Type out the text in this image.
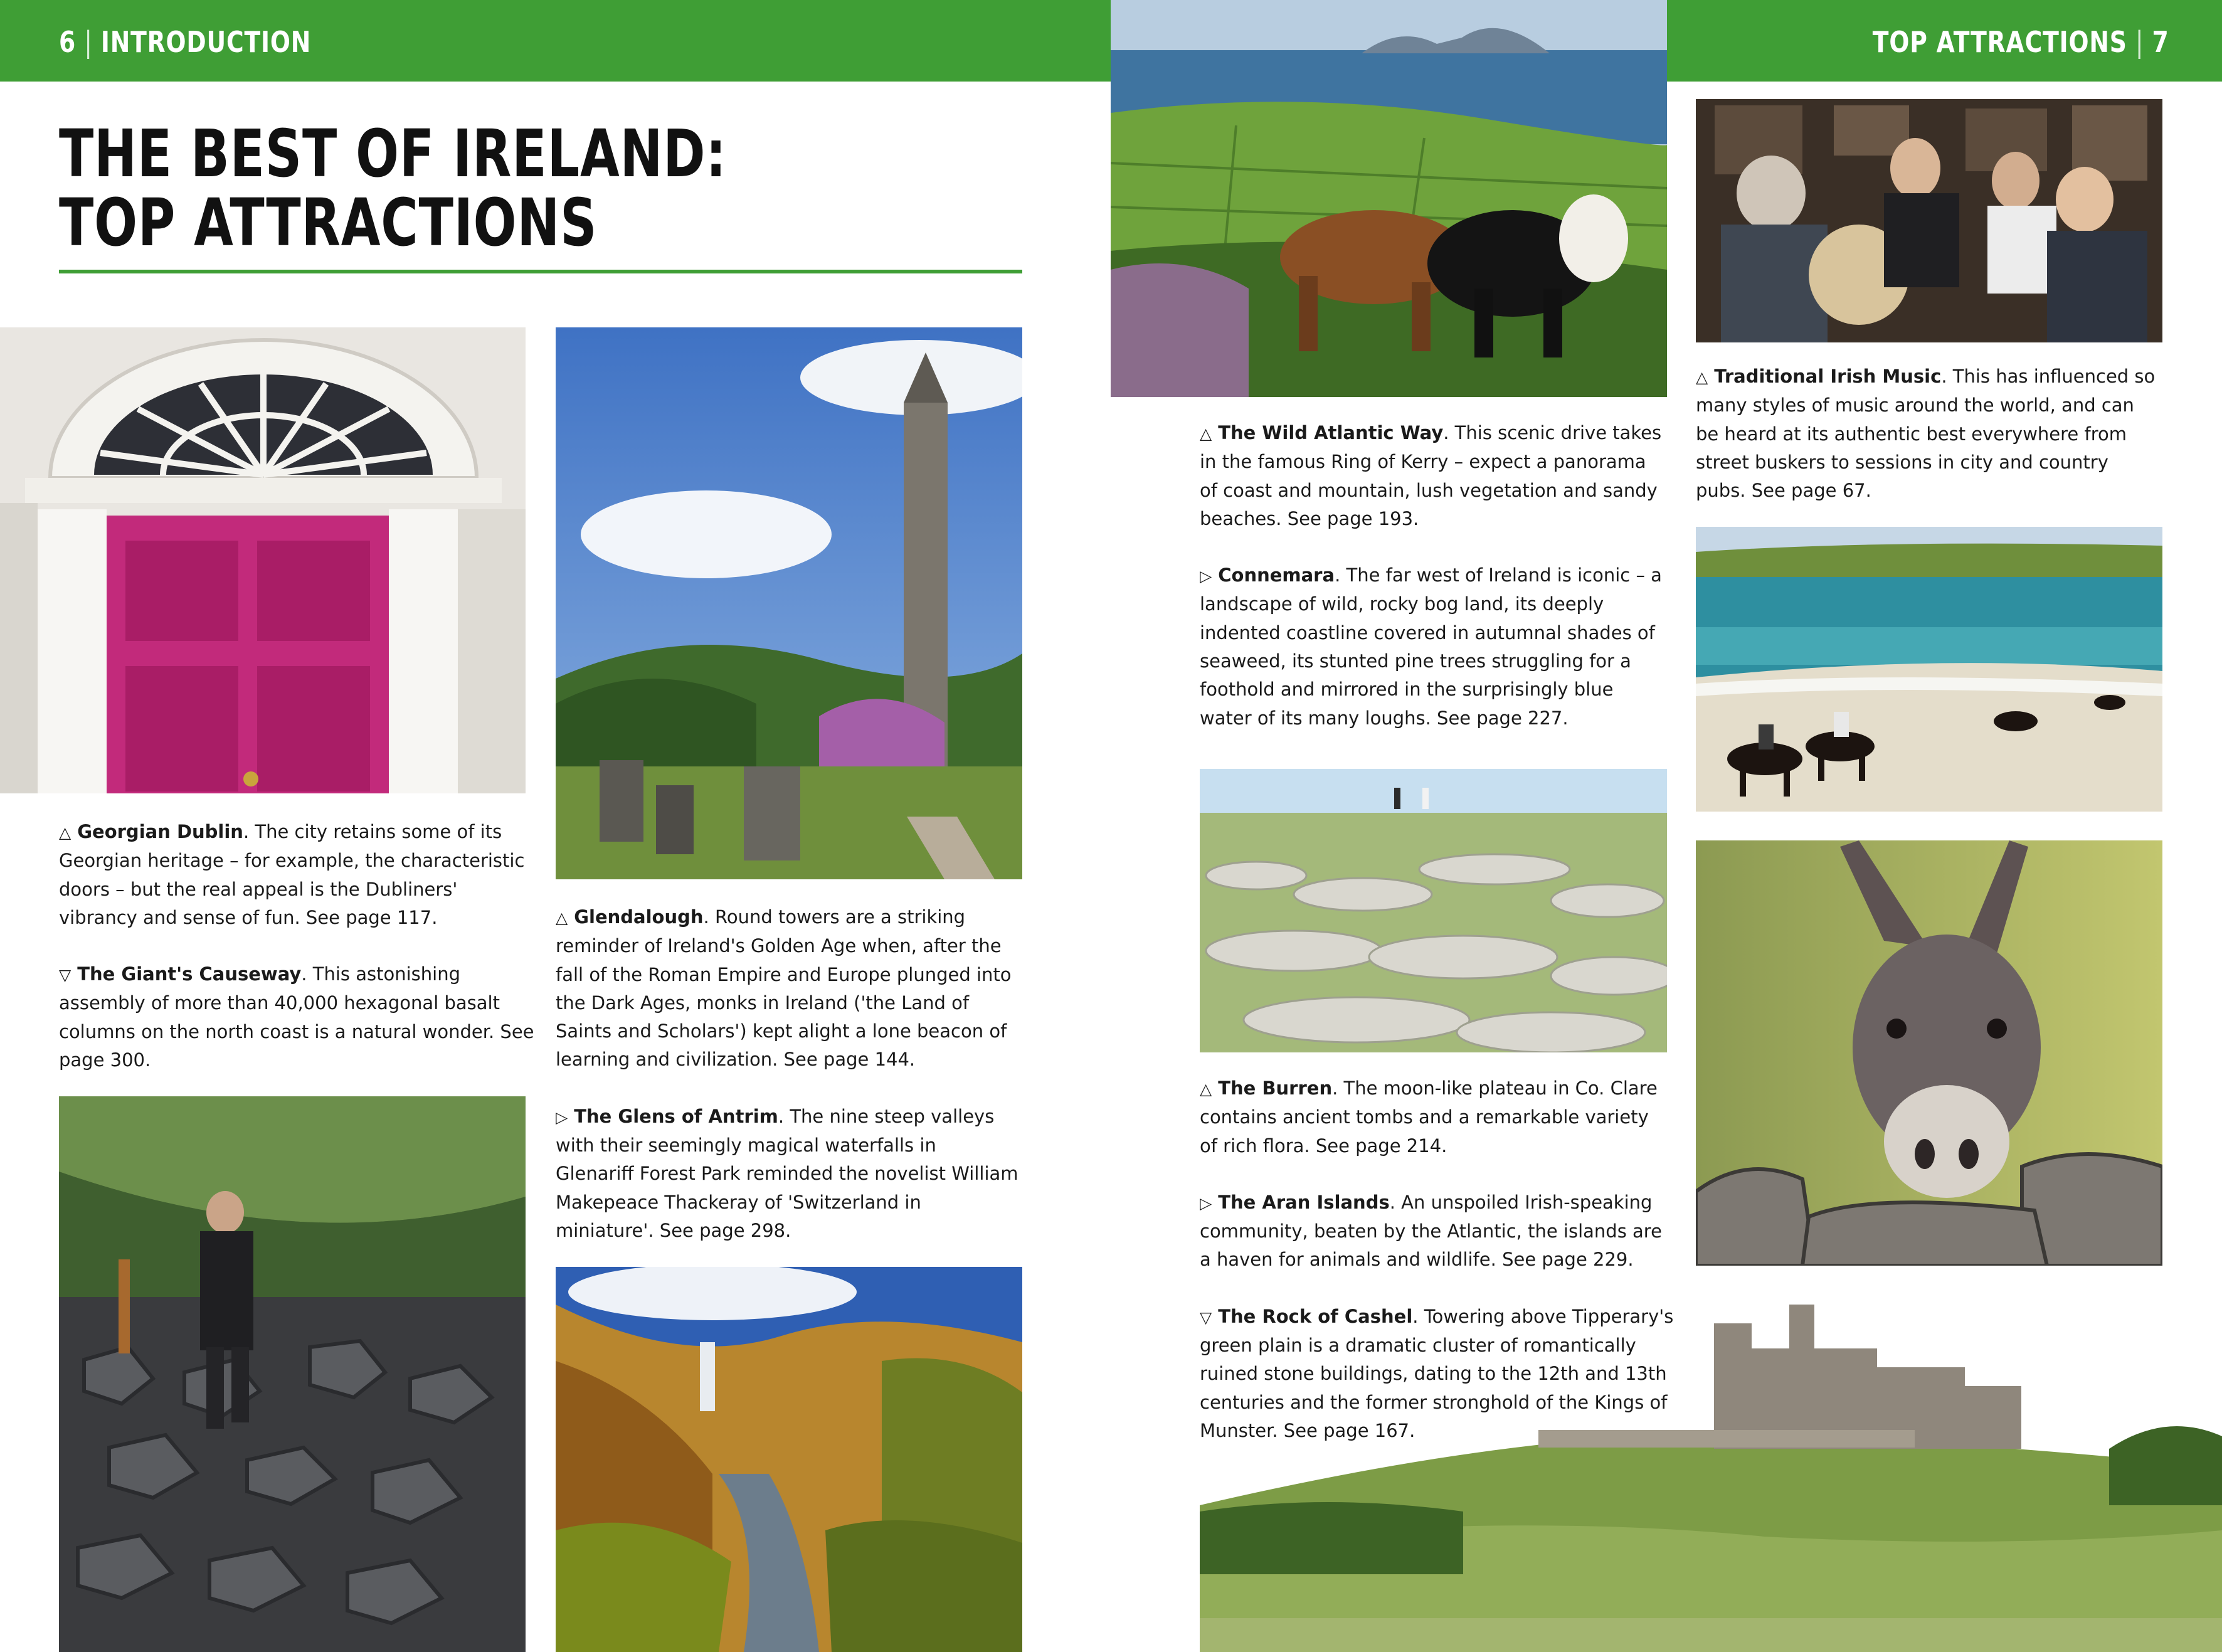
6 | INTRODUCTION	TOP ATTRACTIONS | 7
THE BEST OF IRELAND:
TOP ATTRACTIONS

△ Georgian Dublin. The city retains some of its Georgian heritage – for example, the characteristic doors – but the real appeal is the Dubliners' vibrancy and sense of fun. See page 117.

▽ The Giant's Causeway. This astonishing assembly of more than 40,000 hexagonal basalt columns on the north coast is a natural wonder. See page 300.

△ Glendalough. Round towers are a striking reminder of Ireland's Golden Age when, after the fall of the Roman Empire and Europe plunged into the Dark Ages, monks in Ireland ('the Land of Saints and Scholars') kept alight a lone beacon of learning and civilization. See page 144.

▷ The Glens of Antrim. The nine steep valleys with their seemingly magical waterfalls in Glenariff Forest Park reminded the novelist William Makepeace Thackeray of 'Switzerland in miniature'. See page 298.

△ The Wild Atlantic Way. This scenic drive takes in the famous Ring of Kerry – expect a panorama of coast and mountain, lush vegetation and sandy beaches. See page 193.

▷ Connemara. The far west of Ireland is iconic – a landscape of wild, rocky bog land, its deeply indented coastline covered in autumnal shades of seaweed, its stunted pine trees struggling for a foothold and mirrored in the surprisingly blue water of its many loughs. See page 227.

△ The Burren. The moon-like plateau in Co. Clare contains ancient tombs and a remarkable variety of rich flora. See page 214.

▷ The Aran Islands. An unspoiled Irish-speaking community, beaten by the Atlantic, the islands are a haven for animals and wildlife. See page 229.

▽ The Rock of Cashel. Towering above Tipperary's green plain is a dramatic cluster of romantically ruined stone buildings, dating to the 12th and 13th centuries and the former stronghold of the Kings of Munster. See page 167.

△ Traditional Irish Music. This has influenced so many styles of music around the world, and can be heard at its authentic best everywhere from street buskers to sessions in city and country pubs. See page 67.
